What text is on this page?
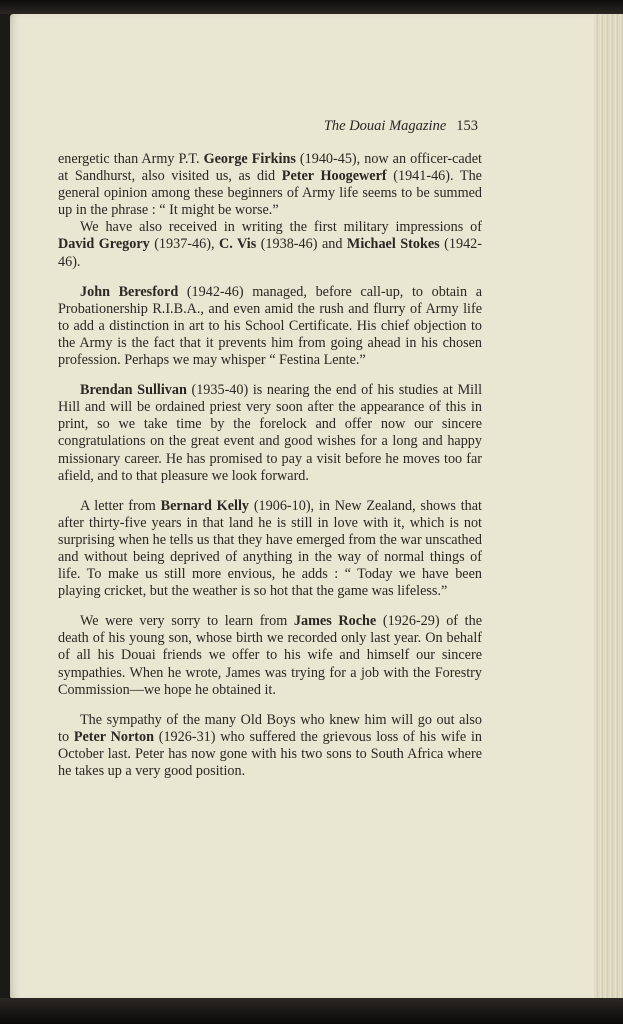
The Douai Magazine 153

energetic than Army P.T. George Firkins (1940-45), now an officer-cadet at Sandhurst, also visited us, as did Peter Hoogewerf (1941-46). The general opinion among these beginners of Army life seems to be summed up in the phrase : “ It might be worse.”

We have also received in writing the first military impressions of David Gregory (1937-46), C. Vis (1938-46) and Michael Stokes (1942-46).

John Beresford (1942-46) managed, before call-up, to obtain a Probationership R.I.B.A., and even amid the rush and flurry of Army life to add a distinction in art to his School Certificate. His chief objection to the Army is the fact that it prevents him from going ahead in his chosen profession. Perhaps we may whisper “ Festina Lente.”

Brendan Sullivan (1935-40) is nearing the end of his studies at Mill Hill and will be ordained priest very soon after the appearance of this in print, so we take time by the forelock and offer now our sincere congratulations on the great event and good wishes for a long and happy missionary career. He has promised to pay a visit before he moves too far afield, and to that pleasure we look forward.

A letter from Bernard Kelly (1906-10), in New Zealand, shows that after thirty-five years in that land he is still in love with it, which is not surprising when he tells us that they have emerged from the war unscathed and without being deprived of anything in the way of normal things of life. To make us still more envious, he adds : “ Today we have been playing cricket, but the weather is so hot that the game was lifeless.”

We were very sorry to learn from James Roche (1926-29) of the death of his young son, whose birth we recorded only last year. On behalf of all his Douai friends we offer to his wife and himself our sincere sympathies. When he wrote, James was trying for a job with the Forestry Commission—we hope he obtained it.

The sympathy of the many Old Boys who knew him will go out also to Peter Norton (1926-31) who suffered the grievous loss of his wife in October last. Peter has now gone with his two sons to South Africa where he takes up a very good position.
